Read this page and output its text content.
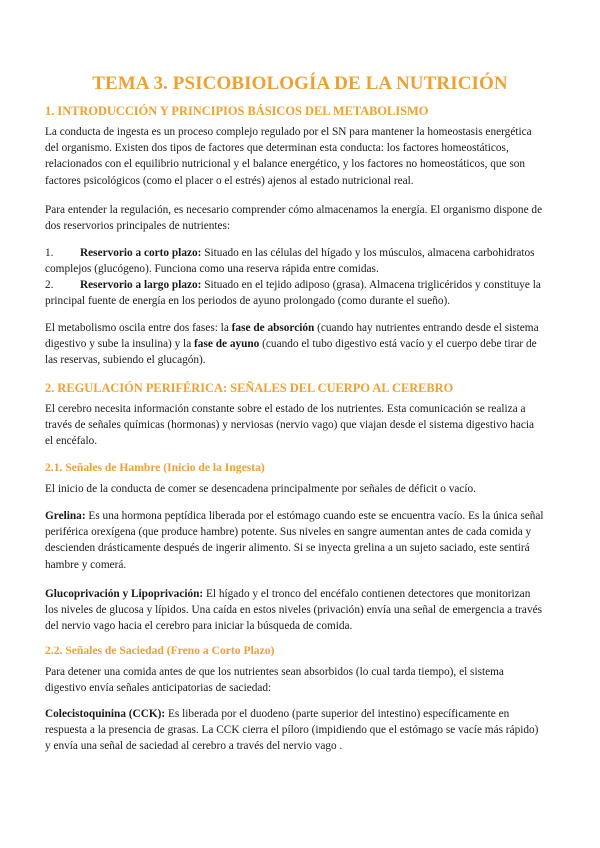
TEMA 3. PSICOBIOLOGÍA DE LA NUTRICIÓN
1. INTRODUCCIÓN Y PRINCIPIOS BÁSICOS DEL METABOLISMO

La conducta de ingesta es un proceso complejo regulado por el SN para mantener la homeostasis energética del organismo. Existen dos tipos de factores que determinan esta conducta: los factores homeostáticos, relacionados con el equilibrio nutricional y el balance energético, y los factores no homeostáticos, que son factores psicológicos (como el placer o el estrés) ajenos al estado nutricional real.

Para entender la regulación, es necesario comprender cómo almacenamos la energía. El organismo dispone de dos reservorios principales de nutrientes:

1. Reservorio a corto plazo: Situado en las células del hígado y los músculos, almacena carbohidratos complejos (glucógeno). Funciona como una reserva rápida entre comidas.
2. Reservorio a largo plazo: Situado en el tejido adiposo (grasa). Almacena triglicéridos y constituye la principal fuente de energía en los periodos de ayuno prolongado (como durante el sueño).

El metabolismo oscila entre dos fases: la fase de absorción (cuando hay nutrientes entrando desde el sistema digestivo y sube la insulina) y la fase de ayuno (cuando el tubo digestivo está vacío y el cuerpo debe tirar de las reservas, subiendo el glucagón).

2. REGULACIÓN PERIFÉRICA: SEÑALES DEL CUERPO AL CEREBRO

El cerebro necesita información constante sobre el estado de los nutrientes. Esta comunicación se realiza a través de señales químicas (hormonas) y nerviosas (nervio vago) que viajan desde el sistema digestivo hacia el encéfalo.

2.1. Señales de Hambre (Inicio de la Ingesta)

El inicio de la conducta de comer se desencadena principalmente por señales de déficit o vacío.

Grelina: Es una hormona peptídica liberada por el estómago cuando este se encuentra vacío. Es la única señal periférica orexígena (que produce hambre) potente. Sus niveles en sangre aumentan antes de cada comida y descienden drásticamente después de ingerir alimento. Si se inyecta grelina a un sujeto saciado, este sentirá hambre y comerá.

Glucoprivación y Lipoprivación: El hígado y el tronco del encéfalo contienen detectores que monitorizan los niveles de glucosa y lípidos. Una caída en estos niveles (privación) envía una señal de emergencia a través del nervio vago hacia el cerebro para iniciar la búsqueda de comida.

2.2. Señales de Saciedad (Freno a Corto Plazo)

Para detener una comida antes de que los nutrientes sean absorbidos (lo cual tarda tiempo), el sistema digestivo envía señales anticipatorias de saciedad:

Colecistoquinina (CCK): Es liberada por el duodeno (parte superior del intestino) específicamente en respuesta a la presencia de grasas. La CCK cierra el píloro (impidiendo que el estómago se vacíe más rápido) y envía una señal de saciedad al cerebro a través del nervio vago .
